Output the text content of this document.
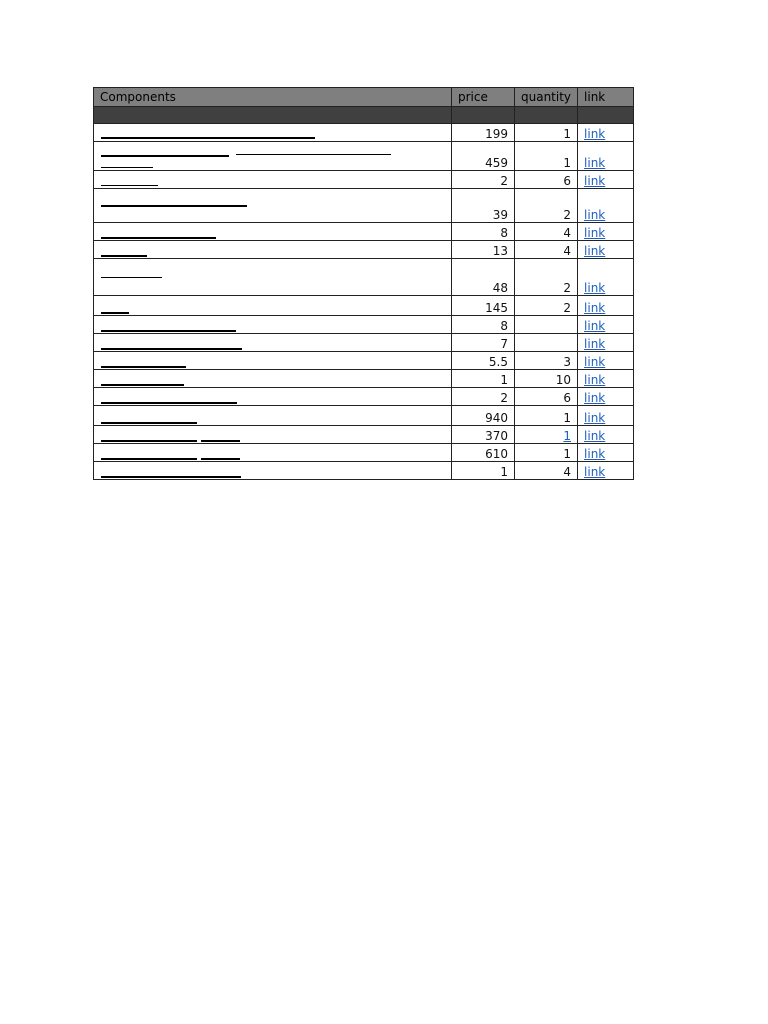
Components	price	quantity	link

	199	1	link

	459	1	link

	2	6	link

	39	2	link

	8	4	link

	13	4	link

	48	2	link

	145	2	link

	8		link

	7		link

	5.5	3	link

	1	10	link

	2	6	link

	940	1	link

	370	1	link

	610	1	link

	1	4	link
